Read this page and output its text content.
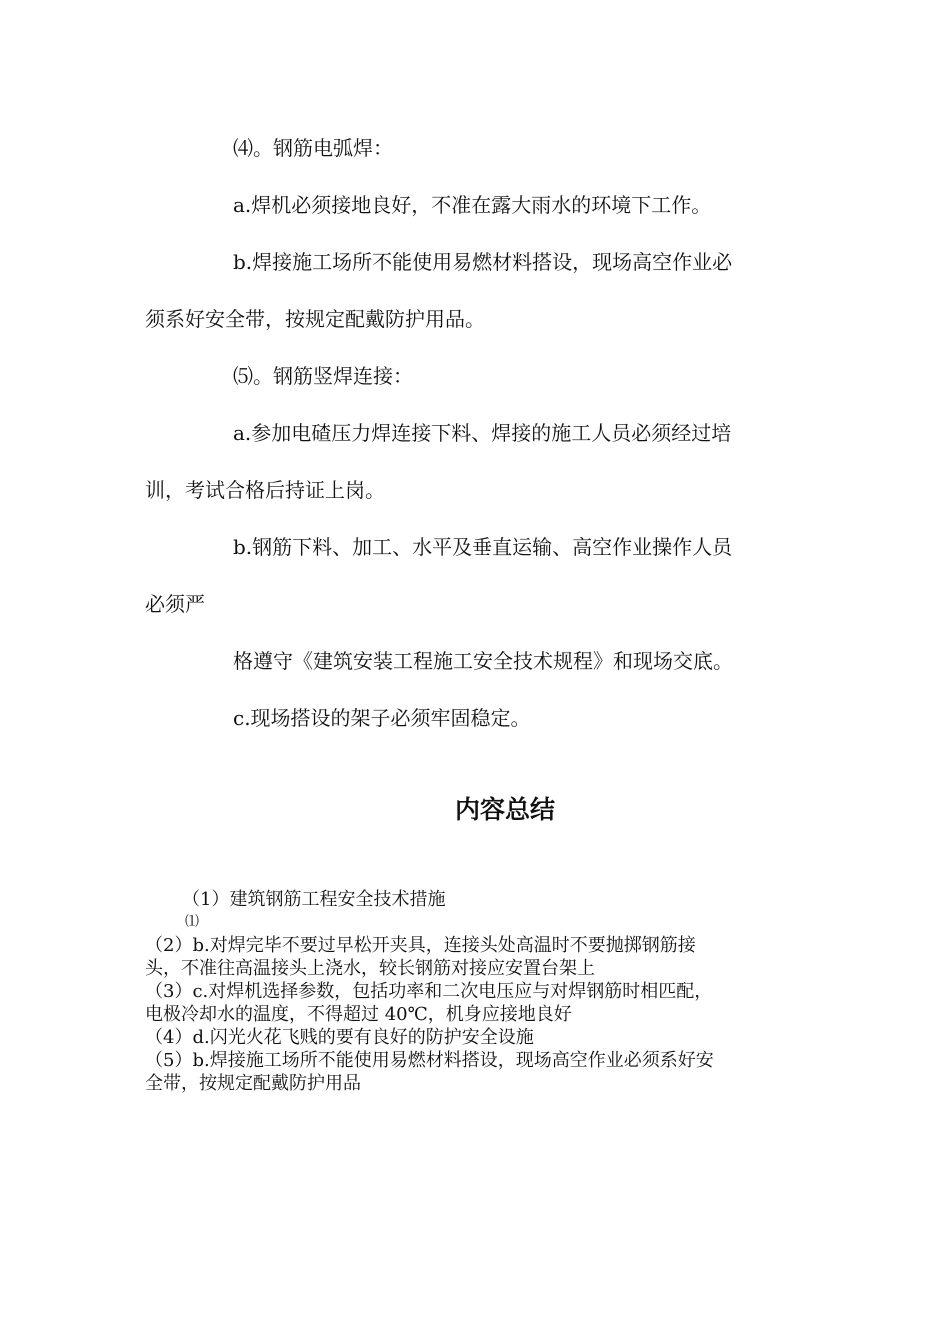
⑷。钢筋电弧焊：

a.焊机必须接地良好，不准在露大雨水的环境下工作。

b.焊接施工场所不能使用易燃材料搭设，现场高空作业必

须系好安全带，按规定配戴防护用品。

⑸。钢筋竖焊连接：

a.参加电碴压力焊连接下料、焊接的施工人员必须经过培

训，考试合格后持证上岗。

b.钢筋下料、加工、水平及垂直运输、高空作业操作人员

必须严

格遵守《建筑安装工程施工安全技术规程》和现场交底。

c.现场搭设的架子必须牢固稳定。

内容总结

（1）建筑钢筋工程安全技术措施

⑴

（2）b.对焊完毕不要过早松开夹具，连接头处高温时不要抛掷钢筋接

头，不准往高温接头上浇水，较长钢筋对接应安置台架上

（3）c.对焊机选择参数，包括功率和二次电压应与对焊钢筋时相匹配，

电极冷却水的温度，不得超过 40℃，机身应接地良好

（4）d.闪光火花飞贱的要有良好的防护安全设施

（5）b.焊接施工场所不能使用易燃材料搭设，现场高空作业必须系好安

全带，按规定配戴防护用品
